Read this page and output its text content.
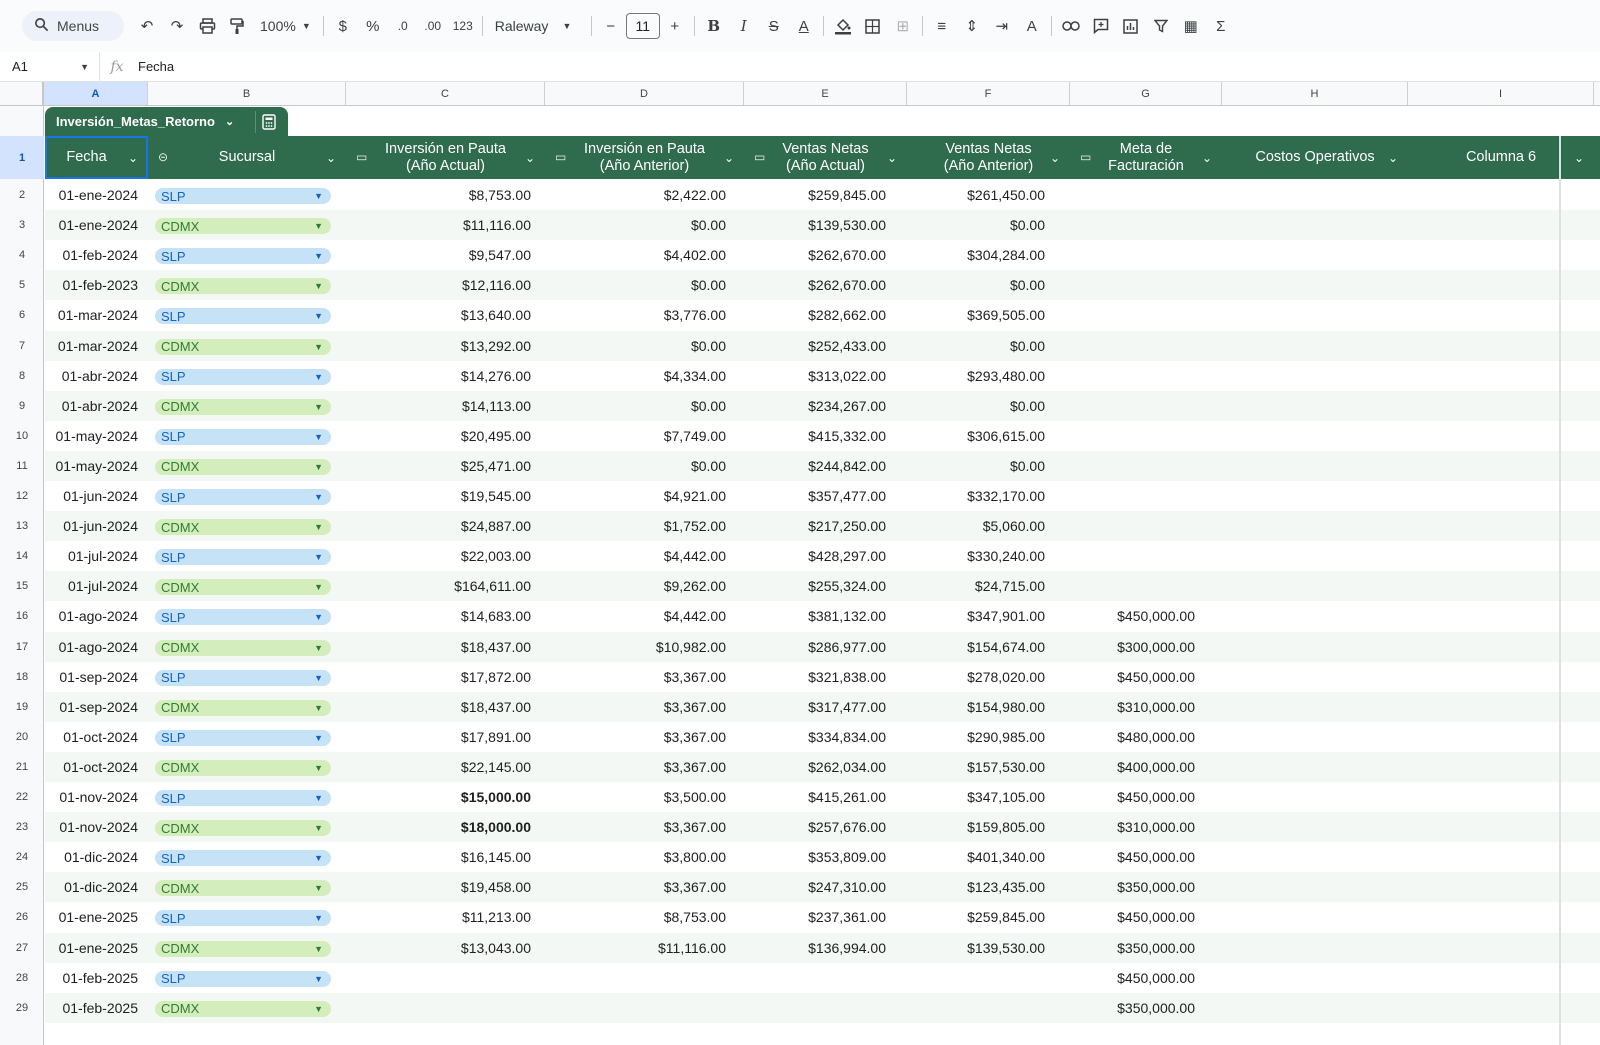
Menus	↶	↷	100% ▼	$	%	.0 .00 123 Raleway ▼	−	11	+	B	I	S	A	⊞	≡	⇕	⇥	A	▦	Σ
A1	▼	fx	Fecha
A	B	C	D	E	F	G	H	I
Inversión_Metas_Retorno ⌄
Fecha ⌄ ⊝	Sucursal	⌄ ▭
Inversión en Pauta
(Año Actual)	⌄ ▭
Inversión en Pauta
(Año Anterior)	⌄ ▭
Ventas Netas
(Año Actual)	⌄
Ventas Netas
(Año Anterior) ⌄ ▭
Meta de
Facturación ⌄	Costos Operativos ⌄	Columna 6	⌄
1
2
3
4
5
6
7
8
9
10
11
12
13
14
15
16
17
18
19
20
21
22
23
24
25
26
27
28
29
01-ene-2024	SLP	▼	$8,753.00	$2,422.00	$259,845.00	$261,450.00
01-ene-2024	CDMX	▼	$11,116.00	$0.00	$139,530.00	$0.00
01-feb-2024	SLP	▼	$9,547.00	$4,402.00	$262,670.00	$304,284.00
01-feb-2023	CDMX	▼	$12,116.00	$0.00	$262,670.00	$0.00
01-mar-2024	SLP	▼	$13,640.00	$3,776.00	$282,662.00	$369,505.00
01-mar-2024	CDMX	▼	$13,292.00	$0.00	$252,433.00	$0.00
01-abr-2024	SLP	▼	$14,276.00	$4,334.00	$313,022.00	$293,480.00
01-abr-2024	CDMX	▼	$14,113.00	$0.00	$234,267.00	$0.00
01-may-2024	SLP	▼	$20,495.00	$7,749.00	$415,332.00	$306,615.00
01-may-2024	CDMX	▼	$25,471.00	$0.00	$244,842.00	$0.00
01-jun-2024	SLP	▼	$19,545.00	$4,921.00	$357,477.00	$332,170.00
01-jun-2024	CDMX	▼	$24,887.00	$1,752.00	$217,250.00	$5,060.00
01-jul-2024	SLP	▼	$22,003.00	$4,442.00	$428,297.00	$330,240.00
01-jul-2024	CDMX	▼	$164,611.00	$9,262.00	$255,324.00	$24,715.00
01-ago-2024	SLP	▼	$14,683.00	$4,442.00	$381,132.00	$347,901.00	$450,000.00
01-ago-2024	CDMX	▼	$18,437.00	$10,982.00	$286,977.00	$154,674.00	$300,000.00
01-sep-2024	SLP	▼	$17,872.00	$3,367.00	$321,838.00	$278,020.00	$450,000.00
01-sep-2024	CDMX	▼	$18,437.00	$3,367.00	$317,477.00	$154,980.00	$310,000.00
01-oct-2024	SLP	▼	$17,891.00	$3,367.00	$334,834.00	$290,985.00	$480,000.00
01-oct-2024	CDMX	▼	$22,145.00	$3,367.00	$262,034.00	$157,530.00	$400,000.00
01-nov-2024	SLP	▼	$15,000.00	$3,500.00	$415,261.00	$347,105.00	$450,000.00
01-nov-2024	CDMX	▼	$18,000.00	$3,367.00	$257,676.00	$159,805.00	$310,000.00
01-dic-2024	SLP	▼	$16,145.00	$3,800.00	$353,809.00	$401,340.00	$450,000.00
01-dic-2024	CDMX	▼	$19,458.00	$3,367.00	$247,310.00	$123,435.00	$350,000.00
01-ene-2025	SLP	▼	$11,213.00	$8,753.00	$237,361.00	$259,845.00	$450,000.00
01-ene-2025	CDMX	▼	$13,043.00	$11,116.00	$136,994.00	$139,530.00	$350,000.00
01-feb-2025	SLP	▼	$450,000.00
01-feb-2025	CDMX	▼	$350,000.00
